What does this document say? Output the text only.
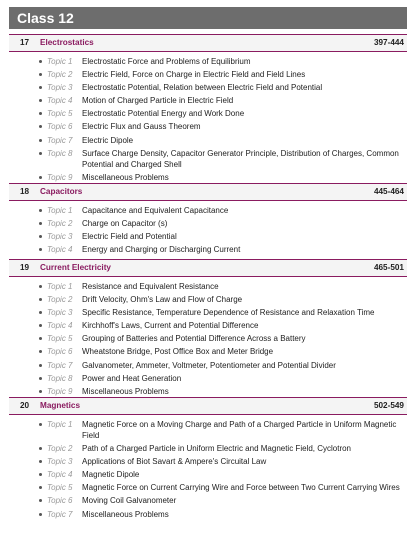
Class 12
17 Electrostatics	397-444
Topic 1 Electrostatic Force and Problems of Equilibrium
Topic 2 Electric Field, Force on Charge in Electric Field and Field Lines
Topic 3 Electrostatic Potential, Relation between Electric Field and Potential
Topic 4 Motion of Charged Particle in Electric Field
Topic 5 Electrostatic Potential Energy and Work Done
Topic 6 Electric Flux and Gauss Theorem
Topic 7 Electric Dipole
Topic 8 Surface Charge Density, Capacitor Generator Principle, Distribution of Charges, Common Potential and Charged Shell
Topic 9 Miscellaneous Problems
18 Capacitors	445-464
Topic 1 Capacitance and Equivalent Capacitance
Topic 2 Charge on Capacitor (s)
Topic 3 Electric Field and Potential
Topic 4 Energy and Charging or Discharging Current
19 Current Electricity	465-501
Topic 1 Resistance and Equivalent Resistance
Topic 2 Drift Velocity, Ohm's Law and Flow of Charge
Topic 3 Specific Resistance, Temperature Dependence of Resistance and Relaxation Time
Topic 4 Kirchhoff's Laws, Current and Potential Difference
Topic 5 Grouping of Batteries and Potential Difference Across a Battery
Topic 6 Wheatstone Bridge, Post Office Box and Meter Bridge
Topic 7 Galvanometer, Ammeter, Voltmeter, Potentiometer and Potential Divider
Topic 8 Power and Heat Generation
Topic 9 Miscellaneous Problems
20 Magnetics	502-549
Topic 1 Magnetic Force on a Moving Charge and Path of a Charged Particle in Uniform Magnetic Field
Topic 2 Path of a Charged Particle in Uniform Electric and Magnetic Field, Cyclotron
Topic 3 Applications of Biot Savart & Ampere's Circuital Law
Topic 4 Magnetic Dipole
Topic 5 Magnetic Force on Current Carrying Wire and Force between Two Current Carrying Wires
Topic 6 Moving Coil Galvanometer
Topic 7 Miscellaneous Problems
